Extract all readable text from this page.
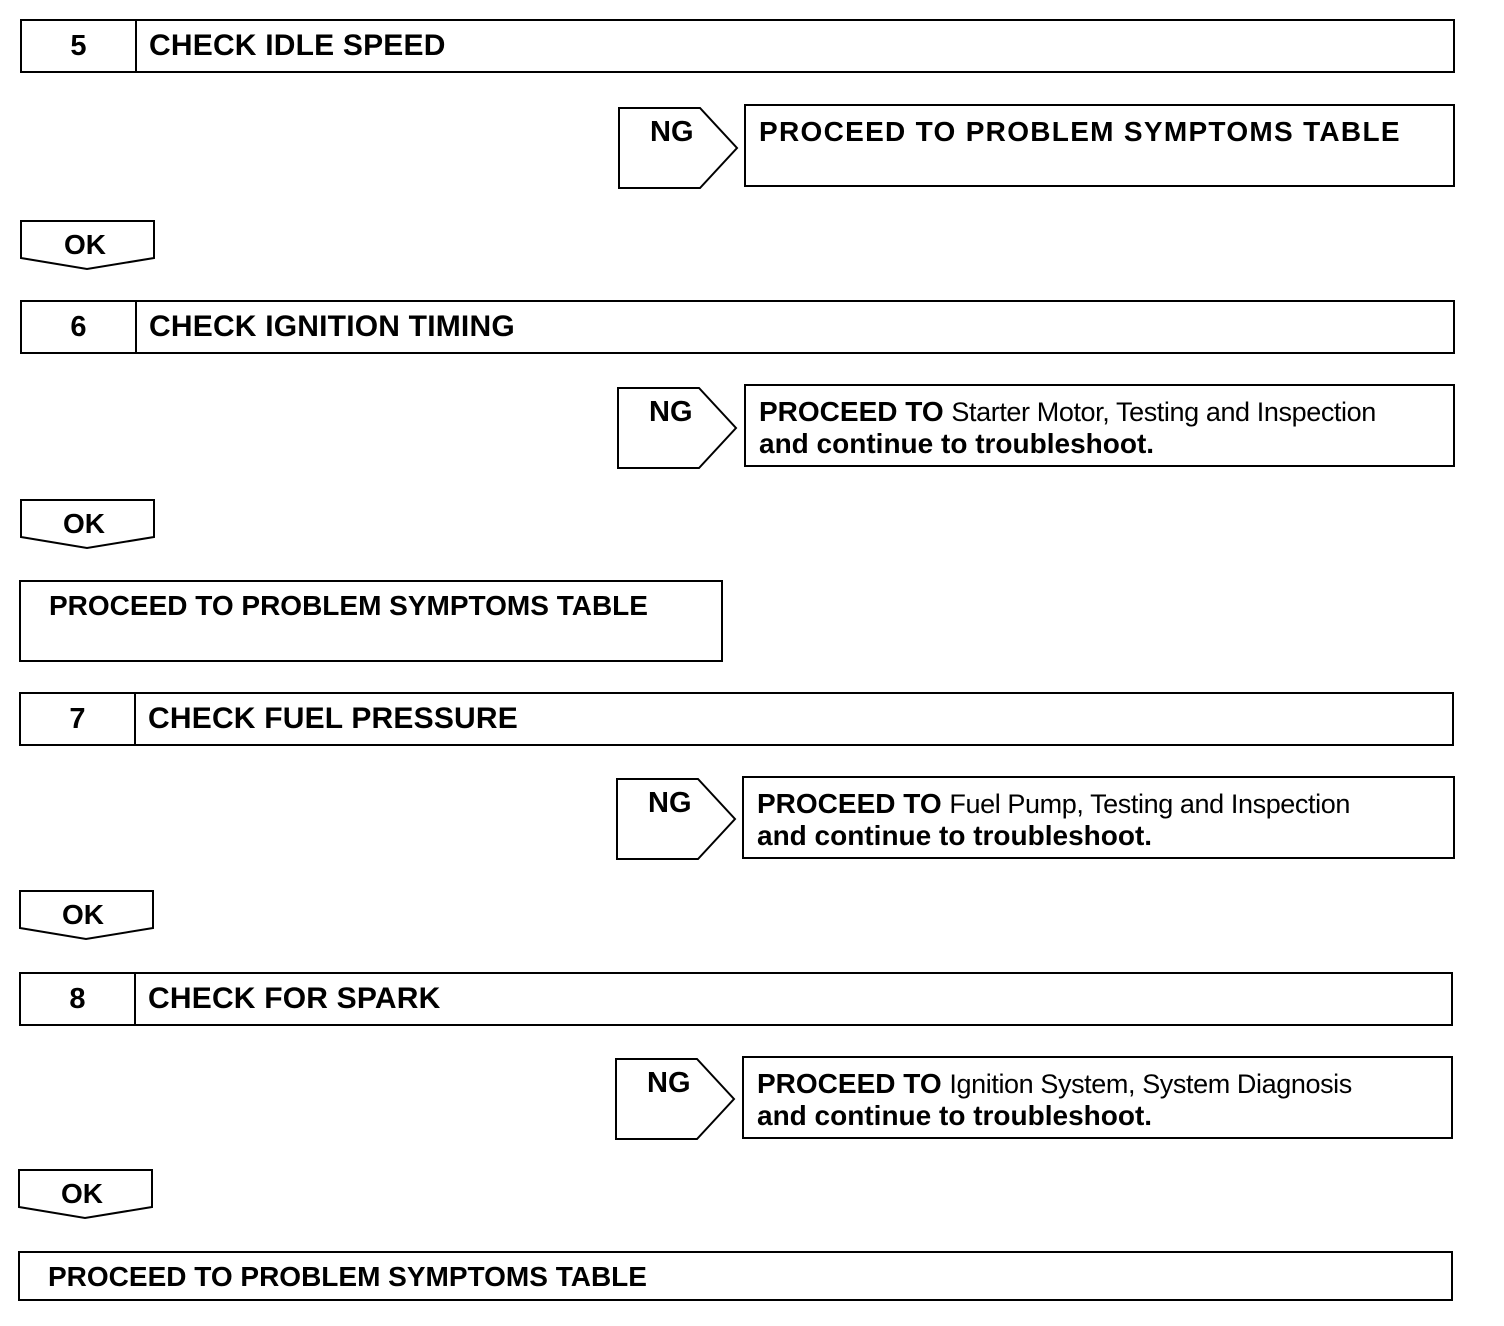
5	CHECK IDLE SPEED
NG	PROCEED TO PROBLEM SYMPTOMS TABLE
OK
6	CHECK IGNITION TIMING
NG PROCEED TO Starter Motor, Testing and Inspection
and continue to troubleshoot.
OK
PROCEED TO PROBLEM SYMPTOMS TABLE
7	CHECK FUEL PRESSURE
NG PROCEED TO Fuel Pump, Testing and Inspection
and continue to troubleshoot.
OK
8	CHECK FOR SPARK
NG PROCEED TO Ignition System, System Diagnosis
and continue to troubleshoot.
OK
PROCEED TO PROBLEM SYMPTOMS TABLE
